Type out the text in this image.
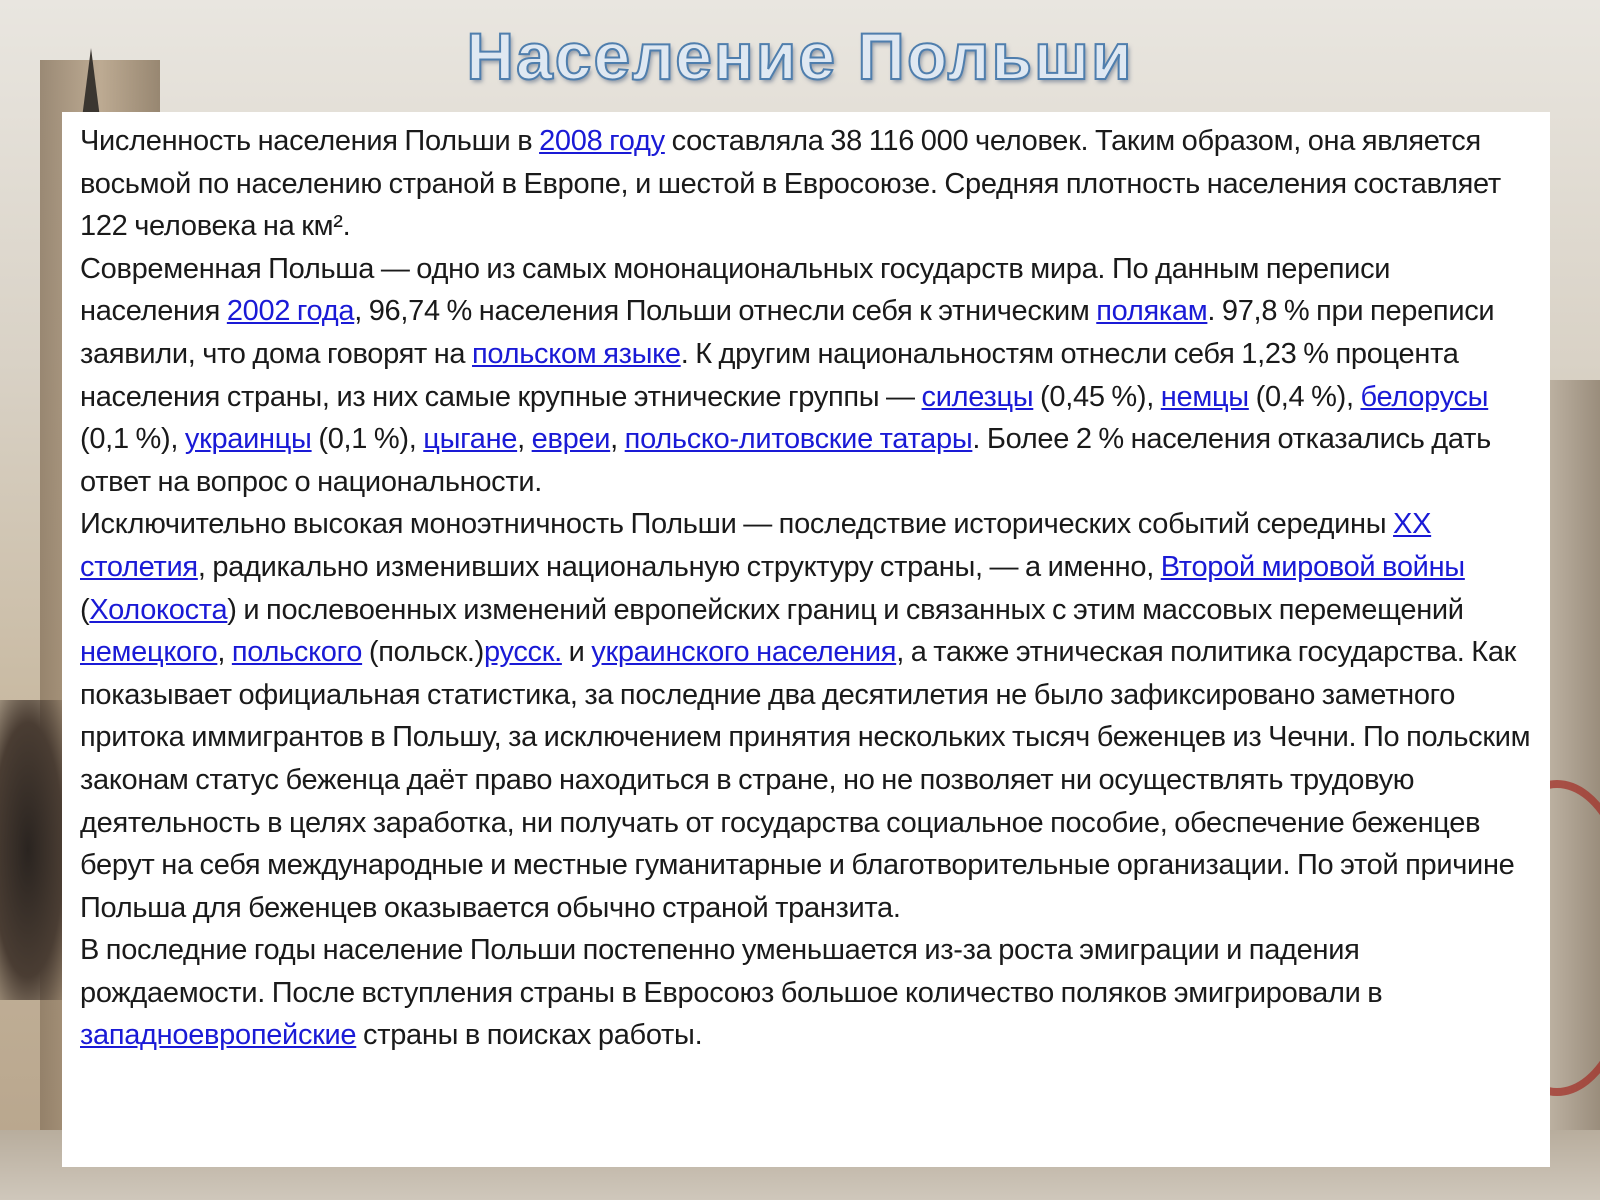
Население Польши

Численность населения Польши в 2008 году составляла 38 116 000 человек. Таким образом, она является восьмой по населению страной в Европе, и шестой в Евросоюзе. Средняя плотность населения составляет 122 человека на км².

Современная Польша — одно из самых мононациональных государств мира. По данным переписи населения 2002 года, 96,74 % населения Польши отнесли себя к этническим полякам. 97,8 % при переписи заявили, что дома говорят на польском языке. К другим национальностям отнесли себя 1,23 % процента населения страны, из них самые крупные этнические группы — силезцы (0,45 %), немцы (0,4 %), белорусы (0,1 %), украинцы (0,1 %), цыгане, евреи, польско-литовские татары. Более 2 % населения отказались дать ответ на вопрос о национальности.

Исключительно высокая моноэтничность Польши — последствие исторических событий середины XX столетия, радикально изменивших национальную структуру страны, — а именно, Второй мировой войны (Холокоста) и послевоенных изменений европейских границ и связанных с этим массовых перемещений немецкого, польского (польск.)русск. и украинского населения, а также этническая политика государства. Как показывает официальная статистика, за последние два десятилетия не было зафиксировано заметного притока иммигрантов в Польшу, за исключением принятия нескольких тысяч беженцев из Чечни. По польским законам статус беженца даёт право находиться в стране, но не позволяет ни осуществлять трудовую деятельность в целях заработка, ни получать от государства социальное пособие, обеспечение беженцев берут на себя международные и местные гуманитарные и благотворительные организации. По этой причине Польша для беженцев оказывается обычно страной транзита.

В последние годы население Польши постепенно уменьшается из-за роста эмиграции и падения рождаемости. После вступления страны в Евросоюз большое количество поляков эмигрировали в западноевропейские страны в поисках работы.
